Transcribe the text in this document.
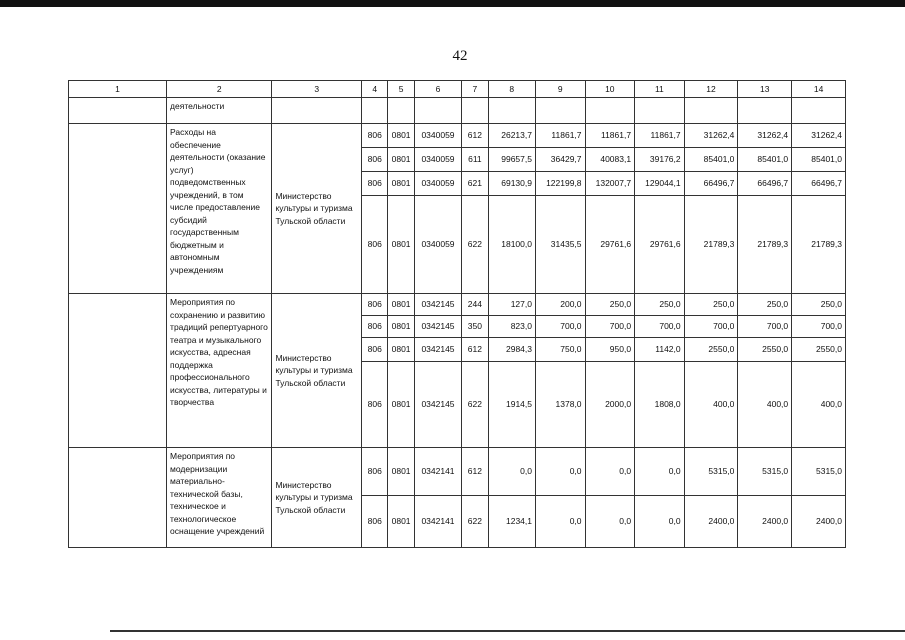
42
1	2	3	4	5	6	7	8	9	10	11	12	13	14
	деятельности												
	Расходы на обеспечение деятельности (оказание услуг) подведомственных учреждений, в том числе предоставление субсидий государственным бюджетным и автономным учреждениям	Министерство культуры и туризма Тульской области	806	0801	0340059	612	26213,7	11861,7	11861,7	11861,7	31262,4	31262,4	31262,4
			806	0801	0340059	611	99657,5	36429,7	40083,1	39176,2	85401,0	85401,0	85401,0
			806	0801	0340059	621	69130,9	122199,8	132007,7	129044,1	66496,7	66496,7	66496,7
			806	0801	0340059	622	18100,0	31435,5	29761,6	29761,6	21789,3	21789,3	21789,3
	Мероприятия по сохранению и развитию традиций репертуарного театра и музыкального искусства, адресная поддержка профессионального искусства, литературы и творчества	Министерство культуры и туризма Тульской области	806	0801	0342145	244	127,0	200,0	250,0	250,0	250,0	250,0	250,0
			806	0801	0342145	350	823,0	700,0	700,0	700,0	700,0	700,0	700,0
			806	0801	0342145	612	2984,3	750,0	950,0	1142,0	2550,0	2550,0	2550,0
			806	0801	0342145	622	1914,5	1378,0	2000,0	1808,0	400,0	400,0	400,0
	Мероприятия по модернизации материально-технической базы, техническое и технологическое оснащение учреждений	Министерство культуры и туризма Тульской области	806	0801	0342141	612	0,0	0,0	0,0	0,0	5315,0	5315,0	5315,0
			806	0801	0342141	622	1234,1	0,0	0,0	0,0	2400,0	2400,0	2400,0
